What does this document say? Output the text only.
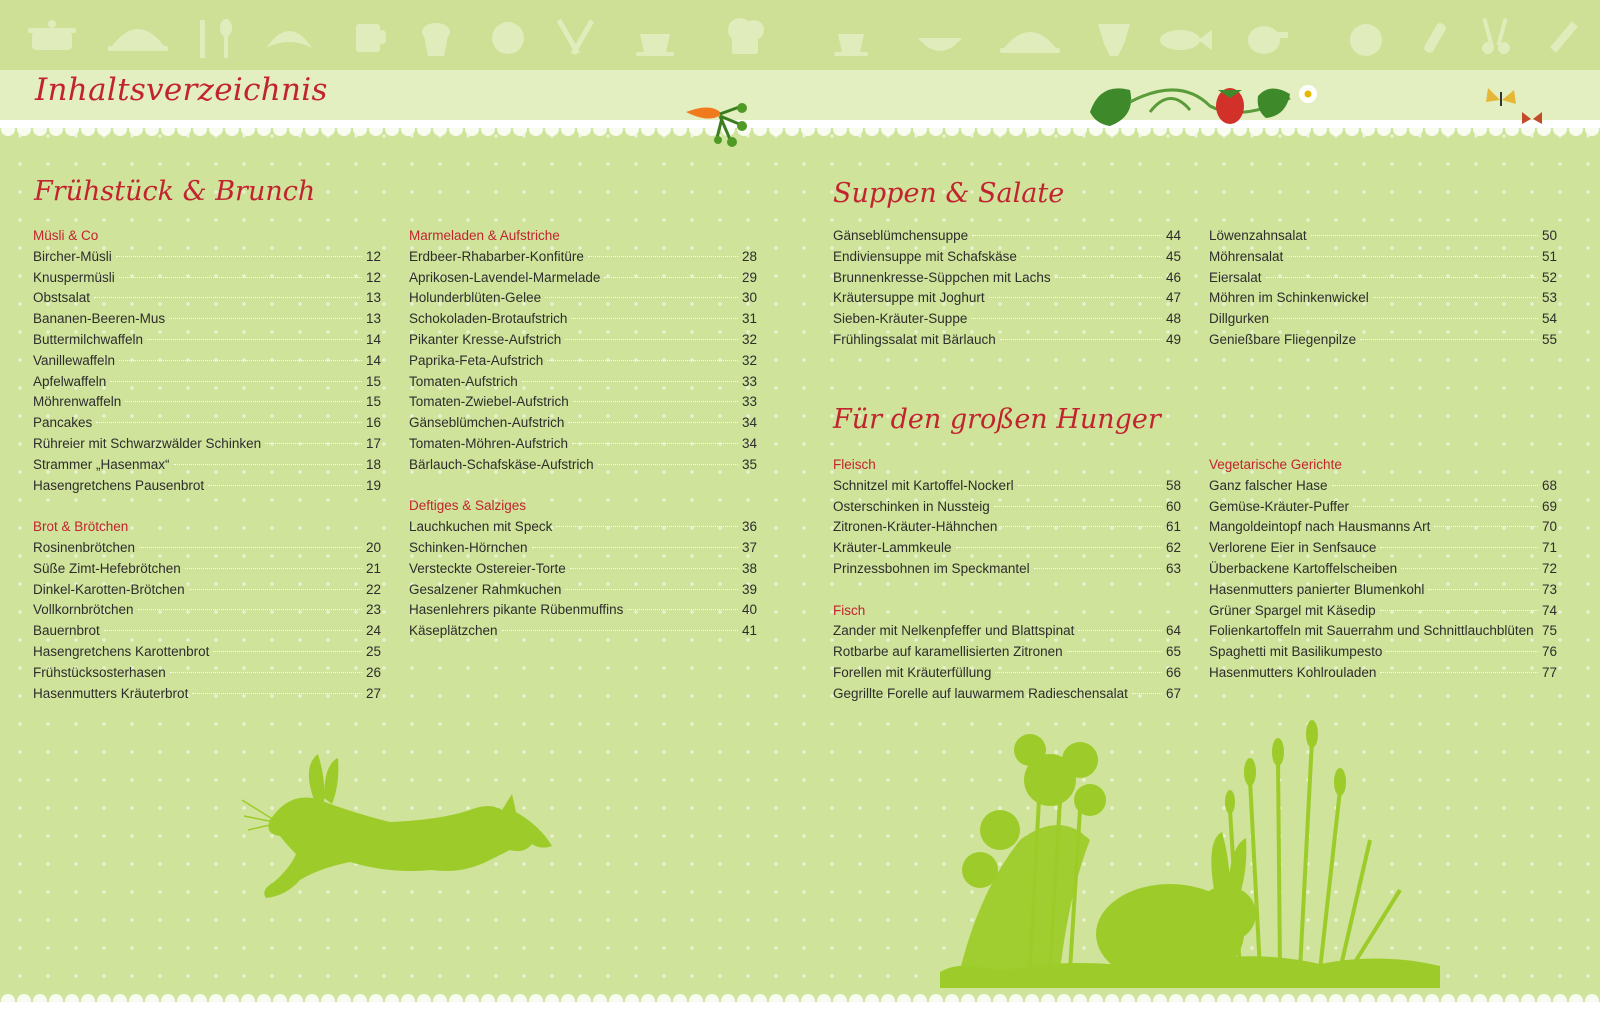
Inhaltsverzeichnis
Frühstück & Brunch	Suppen & Salate
Für den großen Hunger
Müsli & Co
Bircher-Müsli	12
Knuspermüsli	12
Obstsalat	13
Bananen-Beeren-Mus	13
Buttermilchwaffeln	14
Vanillewaffeln	14
Apfelwaffeln	15
Möhrenwaffeln	15
Pancakes	16
Rühreier mit Schwarzwälder Schinken	17
Strammer „Hasenmax“	18
Hasengretchens Pausenbrot	19
Brot & Brötchen
Rosinenbrötchen	20
Süße Zimt-Hefebrötchen	21
Dinkel-Karotten-Brötchen	22
Vollkornbrötchen	23
Bauernbrot	24
Hasengretchens Karottenbrot	25
Frühstücksosterhasen	26
Hasenmutters Kräuterbrot	27
Marmeladen & Aufstriche
Erdbeer-Rhabarber-Konfitüre	28
Aprikosen-Lavendel-Marmelade	29
Holunderblüten-Gelee	30
Schokoladen-Brotaufstrich	31
Pikanter Kresse-Aufstrich	32
Paprika-Feta-Aufstrich	32
Tomaten-Aufstrich	33
Tomaten-Zwiebel-Aufstrich	33
Gänseblümchen-Aufstrich	34
Tomaten-Möhren-Aufstrich	34
Bärlauch-Schafskäse-Aufstrich	35
Deftiges & Salziges
Lauchkuchen mit Speck	36
Schinken-Hörnchen	37
Versteckte Ostereier-Torte	38
Gesalzener Rahmkuchen	39
Hasenlehrers pikante Rübenmuffins	40
Käseplätzchen	41
Gänseblümchensuppe	44
Endiviensuppe mit Schafskäse	45
Brunnenkresse-Süppchen mit Lachs	46
Kräutersuppe mit Joghurt	47
Sieben-Kräuter-Suppe	48
Frühlingssalat mit Bärlauch	49
Löwenzahnsalat	50
Möhrensalat	51
Eiersalat	52
Möhren im Schinkenwickel	53
Dillgurken	54
Genießbare Fliegenpilze	55
Fleisch
Schnitzel mit Kartoffel-Nockerl	58
Osterschinken in Nussteig	60
Zitronen-Kräuter-Hähnchen	61
Kräuter-Lammkeule	62
Prinzessbohnen im Speckmantel	63
Fisch
Zander mit Nelkenpfeffer und Blattspinat	64
Rotbarbe auf karamellisierten Zitronen	65
Forellen mit Kräuterfüllung	66
Gegrillte Forelle auf lauwarmem Radieschensalat	67
Vegetarische Gerichte
Ganz falscher Hase	68
Gemüse-Kräuter-Puffer	69
Mangoldeintopf nach Hausmanns Art	70
Verlorene Eier in Senfsauce	71
Überbackene Kartoffelscheiben	72
Hasenmutters panierter Blumenkohl	73
Grüner Spargel mit Käsedip	74
Folienkartoffeln mit Sauerrahm und Schnittlauchblüten 75
Spaghetti mit Basilikumpesto	76
Hasenmutters Kohlrouladen	77
